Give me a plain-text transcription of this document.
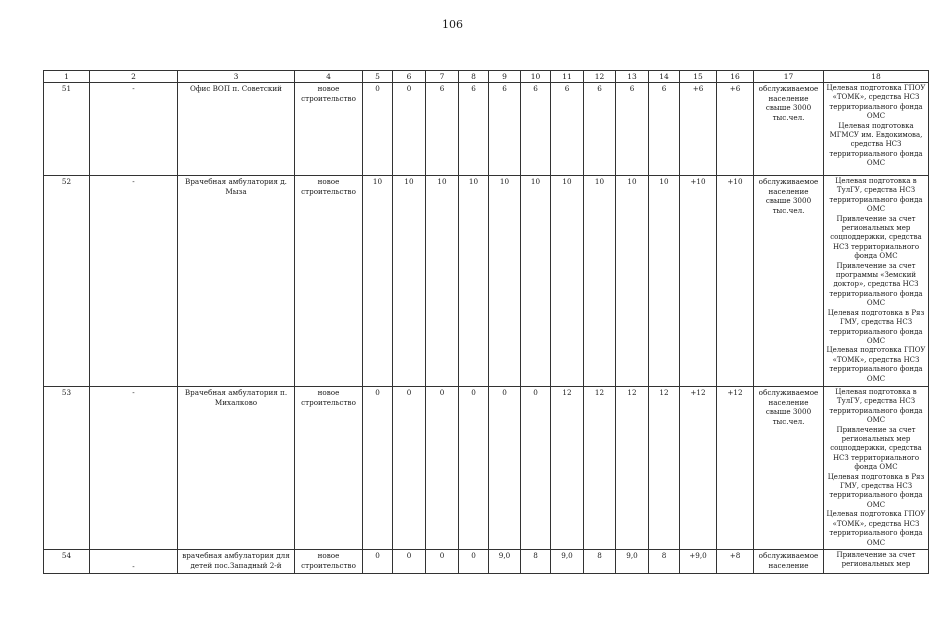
106
1	2	3	4	5	6	7	8	9	10	11	12	13	14	15	16	17	18
51	-	Офис ВОП п. Советский	новое строительство	0	0	6	6	6	6	6	6	6	6	+6	+6	обслуживаемое население свыше 3000 тыс.чел.	Целевая подготовка ГПОУ «ТОМК», средства НСЗ территориального фонда ОМС
Целевая подготовка МГМСУ им. Евдокимова, средства НСЗ территориального фонда ОМС

52	-	Врачебная амбулатория д. Мыза	новое строительство	10	10	10	10	10	10	10	10	10	10	+10	+10	обслуживаемое население свыше 3000 тыс.чел.	Целевая подготовка в ТулГУ, средства НСЗ территориального фонда ОМС
Привлечение за счет региональных мер соцподдержки, средства НСЗ территориального фонда ОМС
Привлечение за счет программы «Земский доктор», средства НСЗ территориального фонда ОМС
Целевая подготовка в Ряз ГМУ, средства НСЗ территориального фонда ОМС
Целевая подготовка ГПОУ «ТОМК», средства НСЗ территориального фонда ОМС

53	-	Врачебная амбулатория п. Михалково	новое строительство	0	0	0	0	0	0	12	12	12	12	+12	+12	обслуживаемое население свыше 3000 тыс.чел.	Целевая подготовка в ТулГУ, средства НСЗ территориального фонда ОМС
Привлечение за счет региональных мер соцподдержки, средства НСЗ территориального фонда ОМС
Целевая подготовка в Ряз ГМУ, средства НСЗ территориального фонда ОМС
Целевая подготовка ГПОУ «ТОМК», средства НСЗ территориального фонда ОМС

54	-	врачебная амбулатория для детей пос.Западный 2-й	новое строительство	0	0	0	0	9,0	8	9,0	8	9,0	8	+9,0	+8	обслуживаемое население	Привлечение за счет региональных мер
